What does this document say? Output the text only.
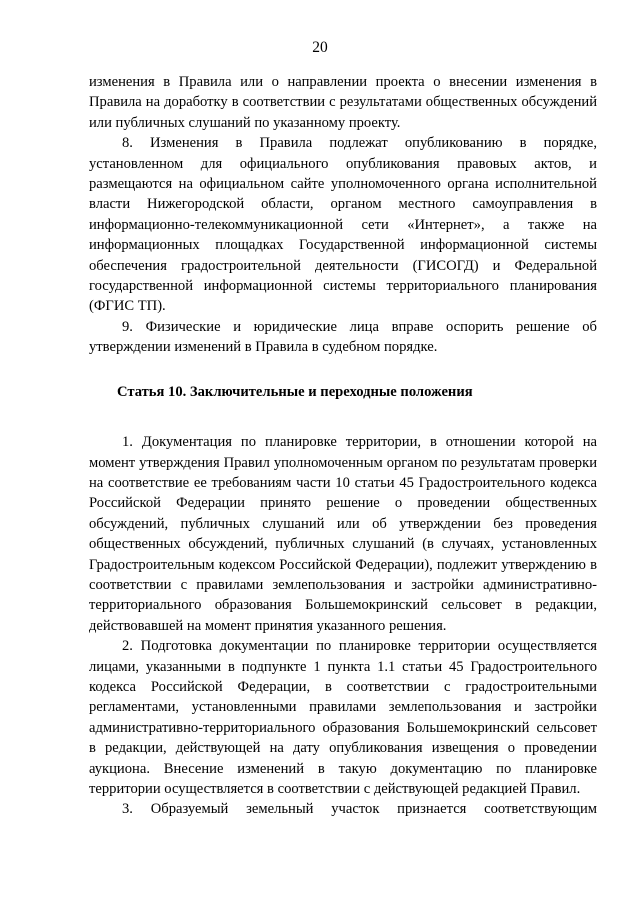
20
изменения в Правила или о направлении проекта о внесении изменения в
Правила на доработку в соответствии с результатами общественных обсуждений
или публичных слушаний по указанному проекту.
8. Изменения в Правила подлежат опубликованию в порядке,
установленном для официального опубликования правовых актов, и
размещаются на официальном сайте уполномоченного органа исполнительной
власти Нижегородской области, органом местного самоуправления в
информационно-телекоммуникационной сети «Интернет», а также на
информационных площадках Государственной информационной системы
обеспечения градостроительной деятельности (ГИСОГД) и Федеральной
государственной информационной системы территориального планирования
(ФГИС ТП).
9. Физические и юридические лица вправе оспорить решение об
утверждении изменений в Правила в судебном порядке.
Статья 10. Заключительные и переходные положения
1. Документация по планировке территории, в отношении которой на
момент утверждения Правил уполномоченным органом по результатам проверки
на соответствие ее требованиям части 10 статьи 45 Градостроительного кодекса
Российской Федерации принято решение о проведении общественных
обсуждений, публичных слушаний или об утверждении без проведения
общественных обсуждений, публичных слушаний (в случаях, установленных
Градостроительным кодексом Российской Федерации), подлежит утверждению в
соответствии с правилами землепользования и застройки административно-
территориального образования Большемокринский сельсовет в редакции,
действовавшей на момент принятия указанного решения.
2. Подготовка документации по планировке территории осуществляется
лицами, указанными в подпункте 1 пункта 1.1 статьи 45 Градостроительного
кодекса Российской Федерации, в соответствии с градостроительными
регламентами, установленными правилами землепользования и застройки
административно-территориального образования Большемокринский сельсовет
в редакции, действующей на дату опубликования извещения о проведении
аукциона. Внесение изменений в такую документацию по планировке
территории осуществляется в соответствии с действующей редакцией Правил.
3. Образуемый земельный участок признается соответствующим
